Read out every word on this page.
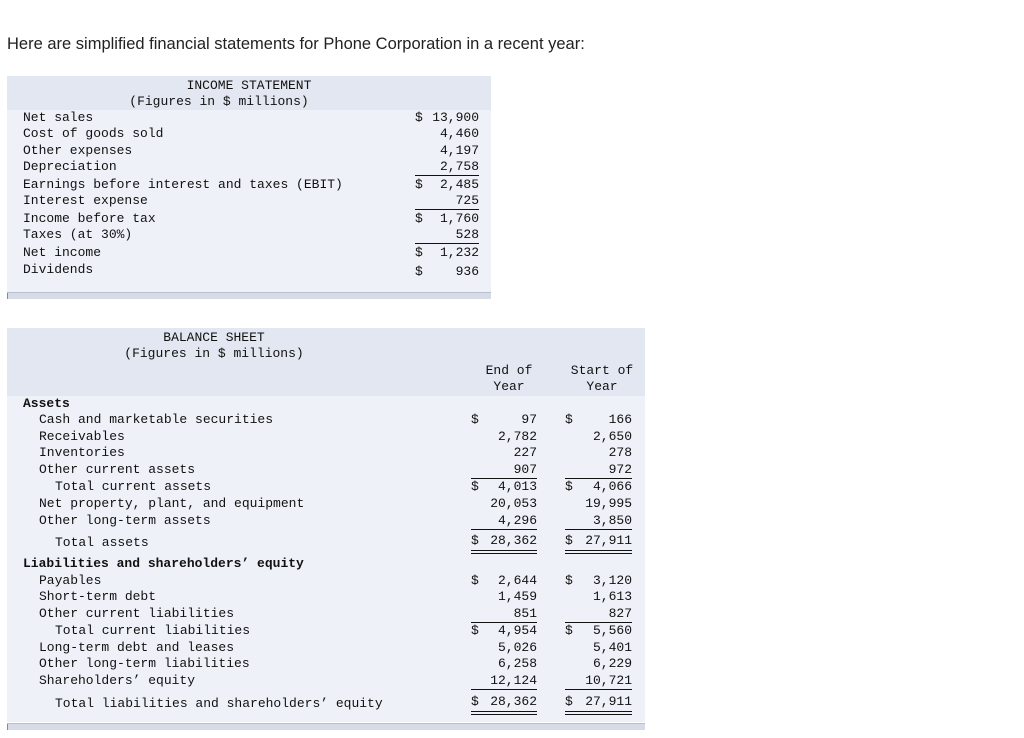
Here are simplified financial statements for Phone Corporation in a recent year:
INCOME STATEMENT
(Figures in $ millions)
Net sales	$ 13,900
Cost of goods sold	4,460
Other expenses	4,197
Depreciation	2,758
Earnings before interest and taxes (EBIT)	$	2,485
Interest expense	725
Income before tax	$	1,760
Taxes (at 30%)	528
Net income	$	1,232
Dividends	$	936
BALANCE SHEET
(Figures in $ millions)
End of
Year
Start of
Year
Assets
Cash and marketable securities	$	97 $	166
Receivables	2,782	2,650
Inventories	227	278
Other current assets	907	972
Total current assets	$	4,013 $	4,066
Net property, plant, and equipment	20,053	19,995
Other long-term assets	4,296	3,850
Total assets	$ 28,362 $ 27,911
Liabilities and shareholders’ equity
Payables	$	2,644 $	3,120
Short-term debt	1,459	1,613
Other current liabilities	851	827
Total current liabilities	$	4,954 $	5,560
Long-term debt and leases	5,026	5,401
Other long-term liabilities	6,258	6,229
Shareholders’ equity	12,124	10,721
Total liabilities and shareholders’ equity	$ 28,362 $ 27,911
